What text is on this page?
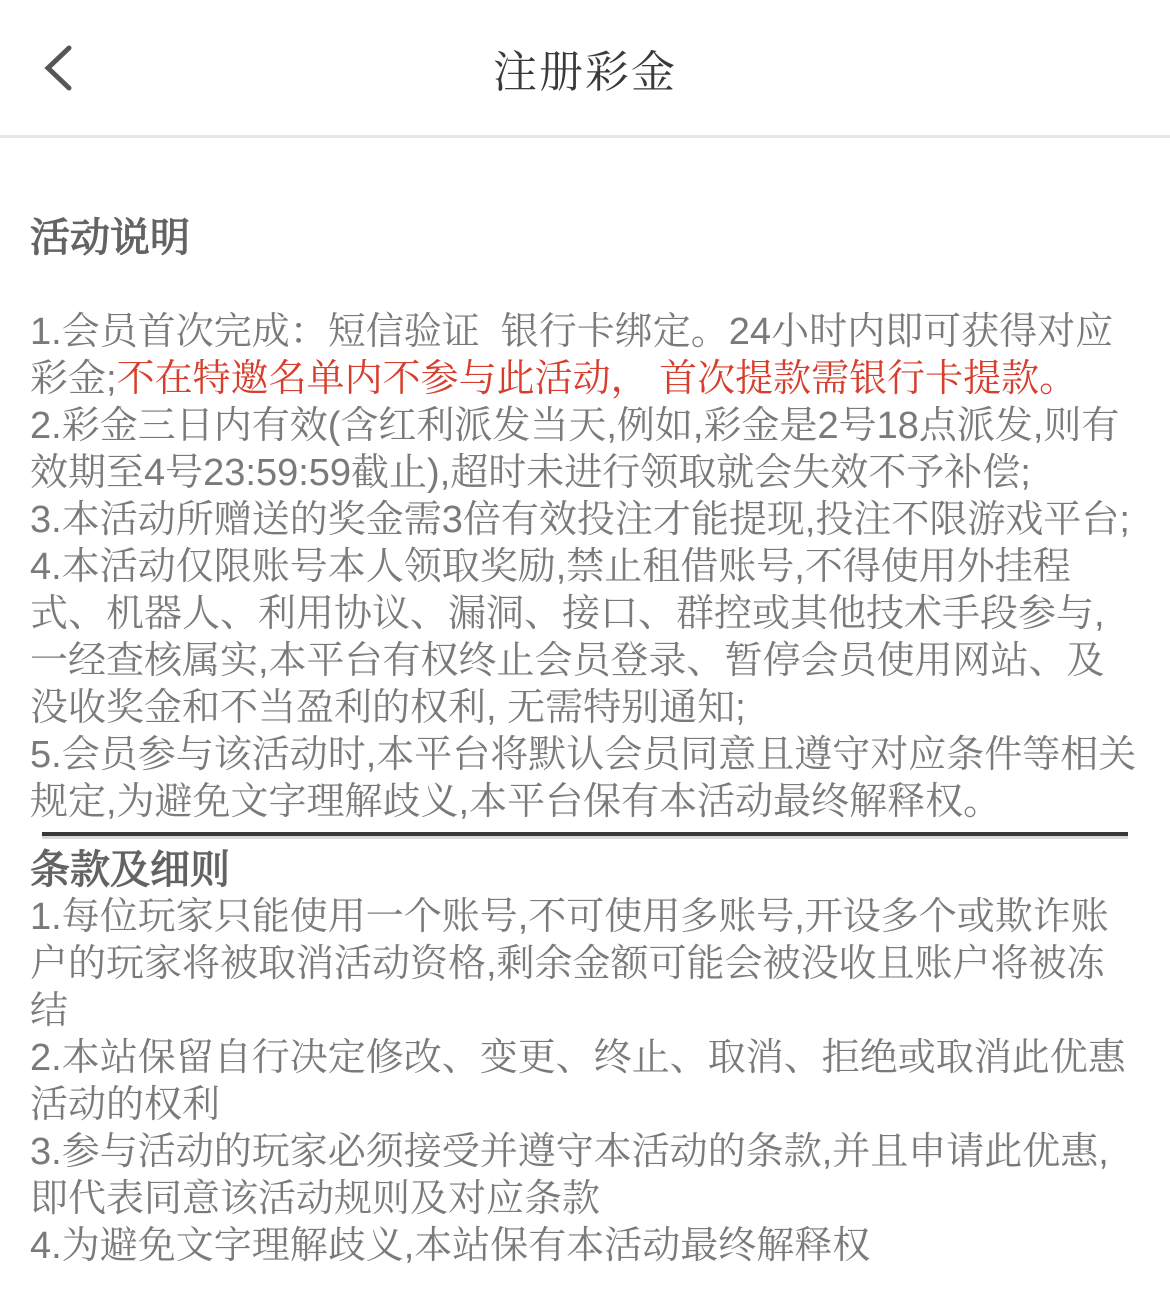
注册彩金
活动说明

1.会员首次完成：短信验证  银行卡绑定。24小时内即可获得对应彩金;不在特邀名单内不参与此活动， 首次提款需银行卡提款。

2.彩金三日内有效(含红利派发当天,例如,彩金是2号18点派发,则有效期至4号23:59:59截止),超时未进行领取就会失效不予补偿;

3.本活动所赠送的奖金需3倍有效投注才能提现,投注不限游戏平台;

4.本活动仅限账号本人领取奖励,禁止租借账号,不得使用外挂程式、机器人、利用协议、漏洞、接口、群控或其他技术手段参与,一经查核属实,本平台有权终止会员登录、暂停会员使用网站、及没收奖金和不当盈利的权利, 无需特别通知;

5.会员参与该活动时,本平台将默认会员同意且遵守对应条件等相关规定,为避免文字理解歧义,本平台保有本活动最终解释权。

条款及细则

1.每位玩家只能使用一个账号,不可使用多账号,开设多个或欺诈账户的玩家将被取消活动资格,剩余金额可能会被没收且账户将被冻结

2.本站保留自行决定修改、变更、终止、取消、拒绝或取消此优惠活动的权利

3.参与活动的玩家必须接受并遵守本活动的条款,并且申请此优惠,即代表同意该活动规则及对应条款

4.为避免文字理解歧义,本站保有本活动最终解释权
